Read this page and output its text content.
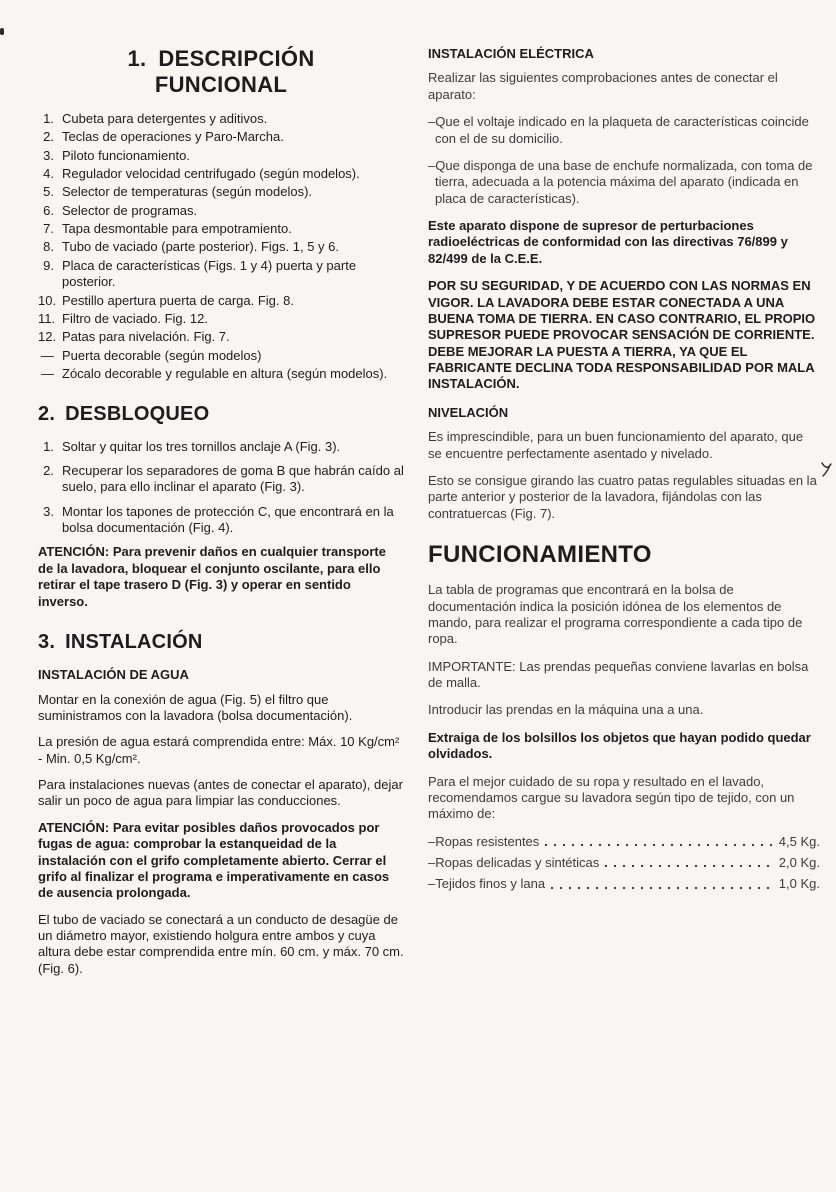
1. DESCRIPCIÓN
FUNCIONAL
1. Cubeta para detergentes y aditivos.
2. Teclas de operaciones y Paro-Marcha.
3. Piloto funcionamiento.
4. Regulador velocidad centrifugado (según modelos).
5. Selector de temperaturas (según modelos).
6. Selector de programas.
7. Tapa desmontable para empotramiento.
8. Tubo de vaciado (parte posterior). Figs. 1, 5 y 6.
9. Placa de características (Figs. 1 y 4) puerta y parte posterior.
10. Pestillo apertura puerta de carga. Fig. 8.
11. Filtro de vaciado. Fig. 12.
12. Patas para nivelación. Fig. 7.
— Puerta decorable (según modelos)
— Zócalo decorable y regulable en altura (según modelos).
2. DESBLOQUEO
1. Soltar y quitar los tres tornillos anclaje A (Fig. 3).
2. Recuperar los separadores de goma B que habrán caído al suelo, para ello inclinar el aparato (Fig. 3).
3. Montar los tapones de protección C, que encontrará en la bolsa documentación (Fig. 4).

ATENCIÓN: Para prevenir daños en cualquier transporte de la lavadora, bloquear el conjunto oscilante, para ello retirar el tape trasero D (Fig. 3) y operar en sentido inverso.

3. INSTALACIÓN
INSTALACIÓN DE AGUA

Montar en la conexión de agua (Fig. 5) el filtro que suministramos con la lavadora (bolsa documentación).

La presión de agua estará comprendida entre: Máx. 10 Kg/cm² - Min. 0,5 Kg/cm².

Para instalaciones nuevas (antes de conectar el aparato), dejar salir un poco de agua para limpiar las conducciones.

ATENCIÓN: Para evitar posibles daños provocados por fugas de agua: comprobar la estanqueidad de la instalación con el grifo completamente abierto. Cerrar el grifo al finalizar el programa e imperativamente en casos de ausencia prolongada.

El tubo de vaciado se conectará a un conducto de desagüe de un diámetro mayor, existiendo holgura entre ambos y cuya altura debe estar comprendida entre mín. 60 cm. y máx. 70 cm. (Fig. 6).

INSTALACIÓN ELÉCTRICA

Realizar las siguientes comprobaciones antes de conectar el aparato:

–Que el voltaje indicado en la plaqueta de características coincide con el de su domicilio.

–Que disponga de una base de enchufe normalizada, con toma de tierra, adecuada a la potencia máxima del aparato (indicada en placa de características).

Este aparato dispone de supresor de perturbaciones radioeléctricas de conformidad con las directivas 76/899 y 82/499 de la C.E.E.

POR SU SEGURIDAD, Y DE ACUERDO CON LAS NORMAS EN VIGOR. LA LAVADORA DEBE ESTAR CONECTADA A UNA BUENA TOMA DE TIERRA. EN CASO CONTRARIO, EL PROPIO SUPRESOR PUEDE PROVOCAR SENSACIÓN DE CORRIENTE. DEBE MEJORAR LA PUESTA A TIERRA, YA QUE EL FABRICANTE DECLINA TODA RESPONSABILIDAD POR MALA INSTALACIÓN.

NIVELACIÓN

Es imprescindible, para un buen funcionamiento del aparato, que se encuentre perfectamente asentado y nivelado.

Esto se consigue girando las cuatro patas regulables situadas en la parte anterior y posterior de la lavadora, fijándolas con las contratuercas (Fig. 7).

FUNCIONAMIENTO

La tabla de programas que encontrará en la bolsa de documentación indica la posición idónea de los elementos de mando, para realizar el programa correspondiente a cada tipo de ropa.

IMPORTANTE: Las prendas pequeñas conviene lavarlas en bolsa de malla.

Introducir las prendas en la máquina una a una.

Extraiga de los bolsillos los objetos que hayan podido quedar olvidados.

Para el mejor cuidado de su ropa y resultado en el lavado, recomendamos cargue su lavadora según tipo de tejido, con un máximo de:

–Ropas resistentes	4,5 Kg.
–Ropas delicadas y sintéticas	2,0 Kg.
–Tejidos finos y lana	1,0 Kg.
